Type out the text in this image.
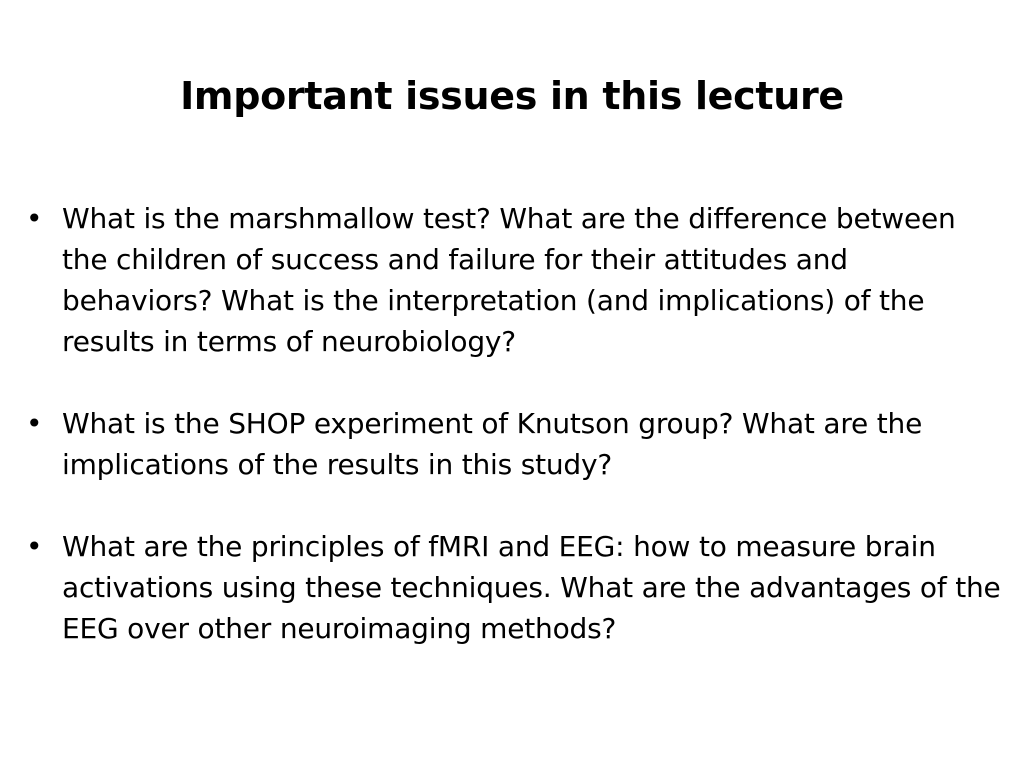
Important issues in this lecture
• What is the marshmallow test? What are the difference between the children of success and failure for their attitudes and behaviors? What is the interpretation (and implications) of the results in terms of neurobiology?
• What is the SHOP experiment of Knutson group? What are the implications of the results in this study?
• What are the principles of fMRI and EEG: how to measure brain activations using these techniques. What are the advantages of the EEG over other neuroimaging methods?
